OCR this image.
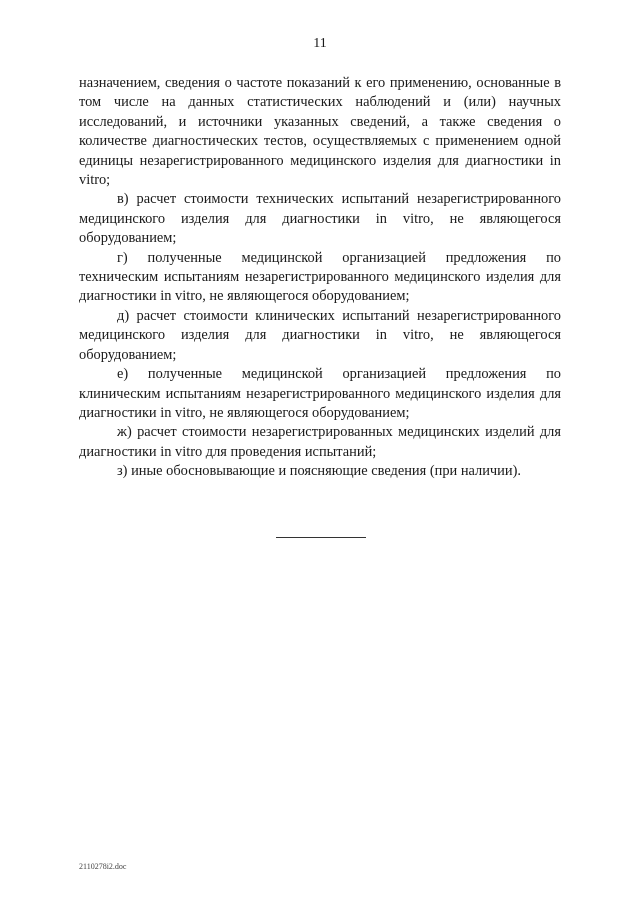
11

назначением, сведения о частоте показаний к его применению, основанные в том числе на данных статистических наблюдений и (или) научных исследований, и источники указанных сведений, а также сведения о количестве диагностических тестов, осуществляемых с применением одной единицы незарегистрированного медицинского изделия для диагностики in vitro;

в) расчет стоимости технических испытаний незарегистрированного медицинского изделия для диагностики in vitro, не являющегося оборудованием;

г) полученные медицинской организацией предложения по техническим испытаниям незарегистрированного медицинского изделия для диагностики in vitro, не являющегося оборудованием;

д) расчет стоимости клинических испытаний незарегистрированного медицинского изделия для диагностики in vitro, не являющегося оборудованием;

е) полученные медицинской организацией предложения по клиническим испытаниям незарегистрированного медицинского изделия для диагностики in vitro, не являющегося оборудованием;

ж) расчет стоимости незарегистрированных медицинских изделий для диагностики in vitro для проведения испытаний;

з) иные обосновывающие и поясняющие сведения (при наличии).

2110278i2.doc
